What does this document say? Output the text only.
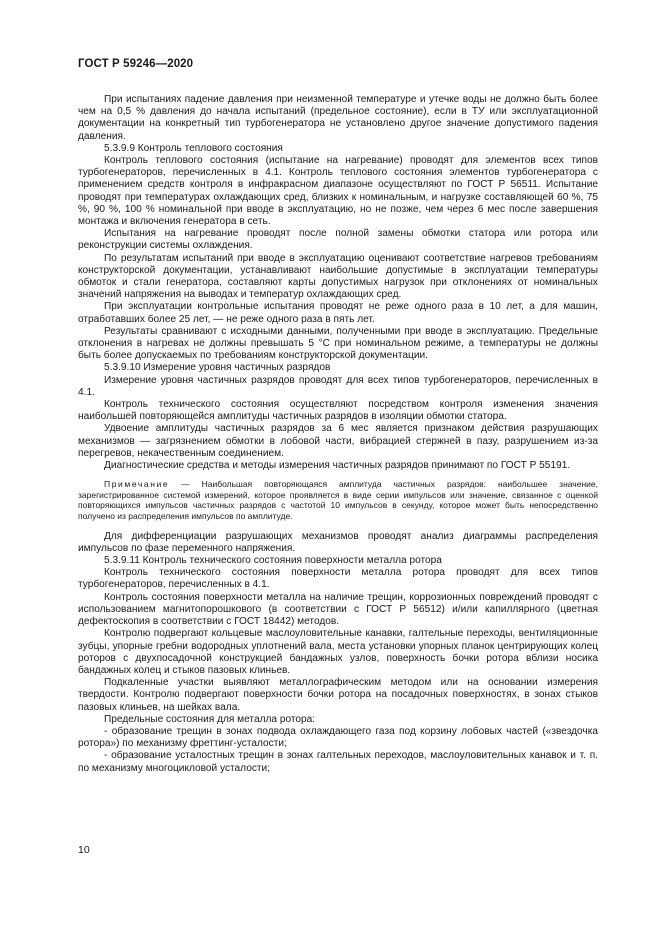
ГОСТ Р 59246—2020

При испытаниях падение давления при неизменной температуре и утечке воды не должно быть более чем на 0,5 % давления до начала испытаний (предельное состояние), если в ТУ или эксплуатационной документации на конкретный тип турбогенератора не установлено другое значение допустимого падения давления.

5.3.9.9 Контроль теплового состояния

Контроль теплового состояния (испытание на нагревание) проводят для элементов всех типов турбогенераторов, перечисленных в 4.1. Контроль теплового состояния элементов турбогенератора с применением средств контроля в инфракрасном диапазоне осуществляют по ГОСТ Р 56511. Испытание проводят при температурах охлаждающих сред, близких к номинальным, и нагрузке составляющей 60 %, 75 %, 90 %, 100 % номинальной при вводе в эксплуатацию, но не позже, чем через 6 мес после завершения монтажа и включения генератора в сеть.

Испытания на нагревание проводят после полной замены обмотки статора или ротора или реконструкции системы охлаждения.

По результатам испытаний при вводе в эксплуатацию оценивают соответствие нагревов требованиям конструкторской документации, устанавливают наибольшие допустимые в эксплуатации температуры обмоток и стали генератора, составляют карты допустимых нагрузок при отклонениях от номинальных значений напряжения на выводах и температур охлаждающих сред.

При эксплуатации контрольные испытания проводят не реже одного раза в 10 лет, а для машин, отработавших более 25 лет, — не реже одного раза в пять лет.

Результаты сравнивают с исходными данными, полученными при вводе в эксплуатацию. Предельные отклонения в нагревах не должны превышать 5 °C при номинальном режиме, а температуры не должны быть более допускаемых по требованиям конструкторской документации.

5.3.9.10 Измерение уровня частичных разрядов

Измерение уровня частичных разрядов проводят для всех типов турбогенераторов, перечисленных в 4.1.

Контроль технического состояния осуществляют посредством контроля изменения значения наибольшей повторяющейся амплитуды частичных разрядов в изоляции обмотки статора.

Удвоение амплитуды частичных разрядов за 6 мес является признаком действия разрушающих механизмов — загрязнением обмотки в лобовой части, вибрацией стержней в пазу, разрушением из-за перегревов, некачественным соединением.

Диагностические средства и методы измерения частичных разрядов принимают по ГОСТ Р 55191.

Примечание — Наибольшая повторяющаяся амплитуда частичных разрядов: наибольшее значение, зарегистрированное системой измерений, которое проявляется в виде серии импульсов или значение, связанное с оценкой повторяющихся импульсов частичных разрядов с частотой 10 импульсов в секунду, которое может быть непосредственно получено из распределения импульсов по амплитуде.

Для дифференциации разрушающих механизмов проводят анализ диаграммы распределения импульсов по фазе переменного напряжения.

5.3.9.11 Контроль технического состояния поверхности металла ротора

Контроль технического состояния поверхности металла ротора проводят для всех типов турбогенераторов, перечисленных в 4.1.

Контроль состояния поверхности металла на наличие трещин, коррозионных повреждений проводят с использованием магнитопорошкового (в соответствии с ГОСТ Р 56512) и/или капиллярного (цветная дефектоскопия в соответствии с ГОСТ 18442) методов.

Контролю подвергают кольцевые маслоуловительные канавки, галтельные переходы, вентиляционные зубцы, упорные гребни водородных уплотнений вала, места установки упорных планок центрирующих колец роторов с двухпосадочной конструкцией бандажных узлов, поверхность бочки ротора вблизи носика бандажных колец и стыков пазовых клиньев.

Подкаленные участки выявляют металлографическим методом или на основании измерения твердости. Контролю подвергают поверхности бочки ротора на посадочных поверхностях, в зонах стыков пазовых клиньев, на шейках вала.

Предельные состояния для металла ротора:

- образование трещин в зонах подвода охлаждающего газа под корзину лобовых частей («звездочка ротора») по механизму фреттинг-усталости;

- образование усталостных трещин в зонах галтельных переходов, маслоуловительных канавок и т. п. по механизму многоцикловой усталости;

10
